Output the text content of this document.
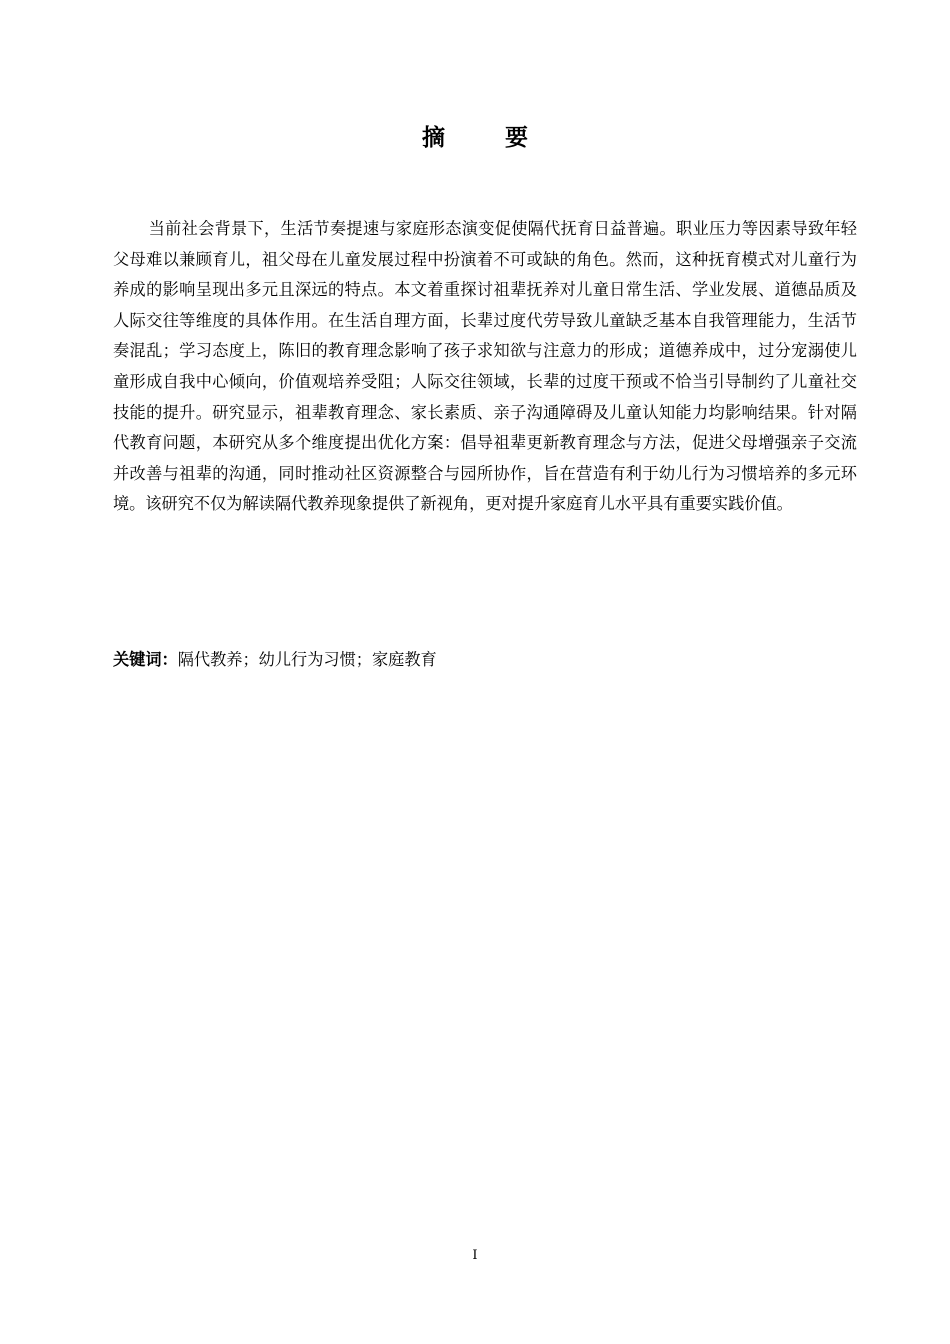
摘 要

当前社会背景下，生活节奏提速与家庭形态演变促使隔代抚育日益普遍。职业压力等因素导致年轻父母难以兼顾育儿，祖父母在儿童发展过程中扮演着不可或缺的角色。然而，这种抚育模式对儿童行为养成的影响呈现出多元且深远的特点。本文着重探讨祖辈抚养对儿童日常生活、学业发展、道德品质及人际交往等维度的具体作用。在生活自理方面，长辈过度代劳导致儿童缺乏基本自我管理能力，生活节奏混乱；学习态度上，陈旧的教育理念影响了孩子求知欲与注意力的形成；道德养成中，过分宠溺使儿童形成自我中心倾向，价值观培养受阻；人际交往领域，长辈的过度干预或不恰当引导制约了儿童社交技能的提升。研究显示，祖辈教育理念、家长素质、亲子沟通障碍及儿童认知能力均影响结果。针对隔代教育问题，本研究从多个维度提出优化方案：倡导祖辈更新教育理念与方法，促进父母增强亲子交流并改善与祖辈的沟通，同时推动社区资源整合与园所协作，旨在营造有利于幼儿行为习惯培养的多元环境。该研究不仅为解读隔代教养现象提供了新视角，更对提升家庭育儿水平具有重要实践价值。

关键词：隔代教养；幼儿行为习惯；家庭教育

I
